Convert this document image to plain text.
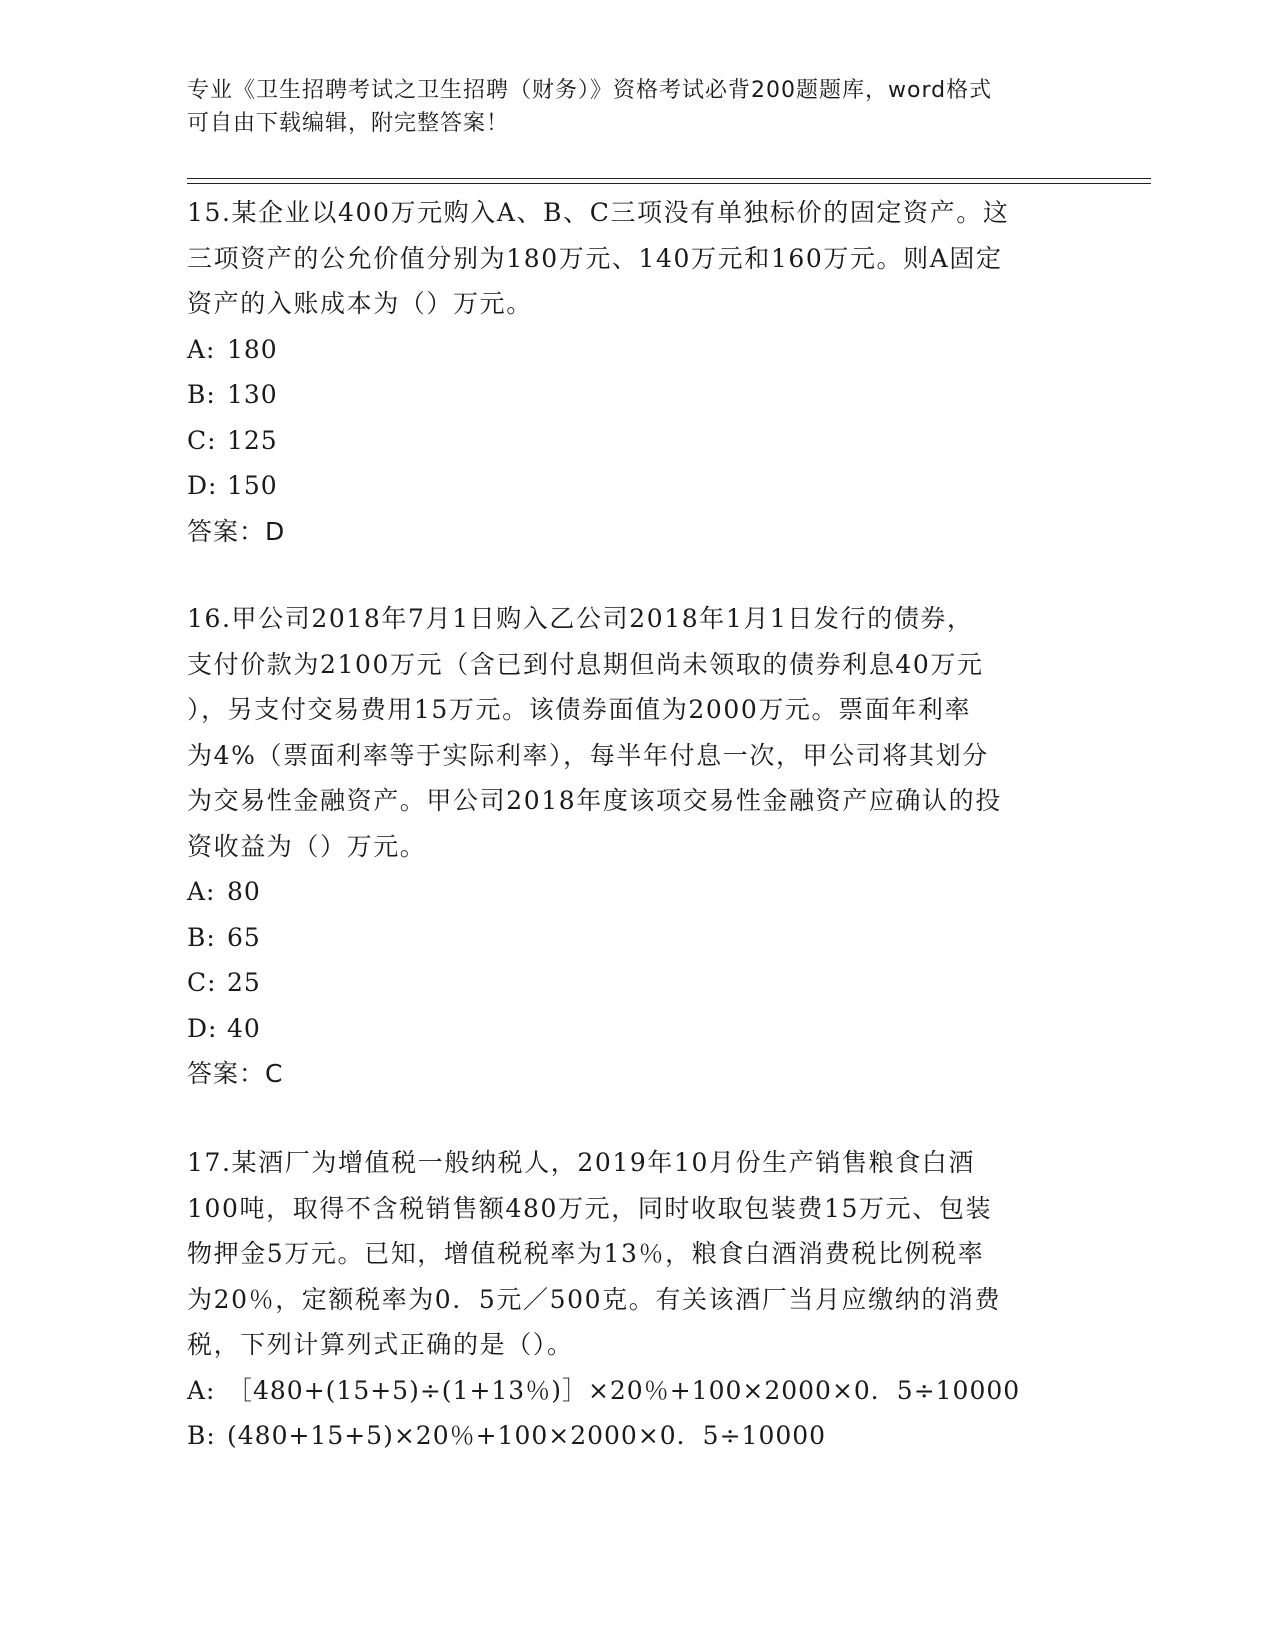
专业《卫生招聘考试之卫生招聘（财务）》资格考试必背200题题库，word格式
可自由下载编辑，附完整答案！

15.某企业以400万元购入A、B、C三项没有单独标价的固定资产。这

三项资产的公允价值分别为180万元、140万元和160万元。则A固定

资产的入账成本为（）万元。

A: 180

B: 130

C: 125

D: 150

答案：D

16.甲公司2018年7月1日购入乙公司2018年1月1日发行的债券，

支付价款为2100万元（含已到付息期但尚未领取的债券利息40万元

），另支付交易费用15万元。该债券面值为2000万元。票面年利率

为4%（票面利率等于实际利率），每半年付息一次，甲公司将其划分

为交易性金融资产。甲公司2018年度该项交易性金融资产应确认的投

资收益为（）万元。

A: 80

B: 65

C: 25

D: 40

答案：C

17.某酒厂为增值税一般纳税人，2019年10月份生产销售粮食白酒

100吨，取得不含税销售额480万元，同时收取包装费15万元、包装

物押金5万元。已知，增值税税率为13％，粮食白酒消费税比例税率

为20％，定额税率为0．5元／500克。有关该酒厂当月应缴纳的消费

税，下列计算列式正确的是（）。

A: ［480+(15+5)÷(1+13％)］×20％+100×2000×0．5÷10000

B: (480+15+5)×20％+100×2000×0．5÷10000
